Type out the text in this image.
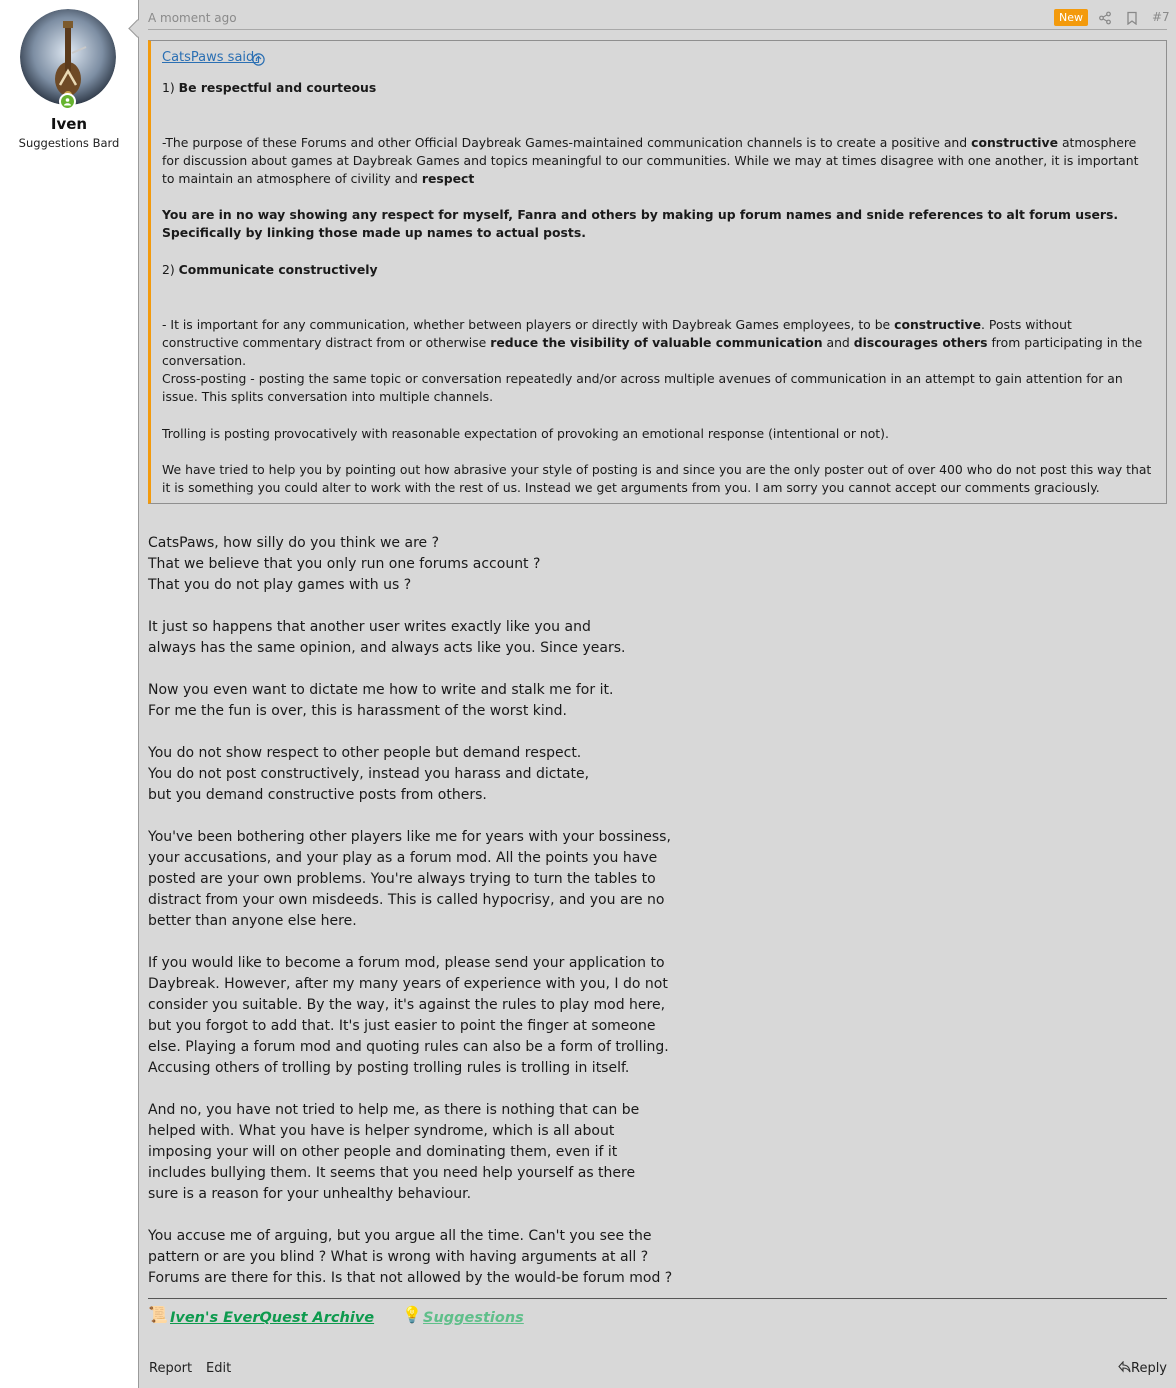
Iven
Suggestions Bard
A moment ago	New	#7
CatsPaws said:
1) Be respectful and courteous
-The purpose of these Forums and other Official Daybreak Games-maintained communication channels is to create a positive and constructive atmosphere for discussion about games at Daybreak Games and topics meaningful to our communities. While we may at times disagree with one another, it is important to maintain an atmosphere of civility and respect
You are in no way showing any respect for myself, Fanra and others by making up forum names and snide references to alt forum users. Specifically by linking those made up names to actual posts.
2) Communicate constructively
- It is important for any communication, whether between players or directly with Daybreak Games employees, to be constructive. Posts without constructive commentary distract from or otherwise reduce the visibility of valuable communication and discourages others from participating in the conversation.
Cross-posting - posting the same topic or conversation repeatedly and/or across multiple avenues of communication in an attempt to gain attention for an issue. This splits conversation into multiple channels.
Trolling is posting provocatively with reasonable expectation of provoking an emotional response (intentional or not).
We have tried to help you by pointing out how abrasive your style of posting is and since you are the only poster out of over 400 who do not post this way that it is something you could alter to work with the rest of us. Instead we get arguments from you. I am sorry you cannot accept our comments graciously.

CatsPaws, how silly do you think we are ?
That we believe that you only run one forums account ?
That you do not play games with us ?

It just so happens that another user writes exactly like you and
always has the same opinion, and always acts like you. Since years.

Now you even want to dictate me how to write and stalk me for it.
For me the fun is over, this is harassment of the worst kind.

You do not show respect to other people but demand respect.
You do not post constructively, instead you harass and dictate,
but you demand constructive posts from others.

You've been bothering other players like me for years with your bossiness,
your accusations, and your play as a forum mod. All the points you have
posted are your own problems. You're always trying to turn the tables to
distract from your own misdeeds. This is called hypocrisy, and you are no
better than anyone else here.

If you would like to become a forum mod, please send your application to
Daybreak. However, after my many years of experience with you, I do not
consider you suitable. By the way, it's against the rules to play mod here,
but you forgot to add that. It's just easier to point the finger at someone
else. Playing a forum mod and quoting rules can also be a form of trolling.
Accusing others of trolling by posting trolling rules is trolling in itself.

And no, you have not tried to help me, as there is nothing that can be
helped with. What you have is helper syndrome, which is all about
imposing your will on other people and dominating them, even if it
includes bullying them. It seems that you need help yourself as there
sure is a reason for your unhealthy behaviour.

You accuse me of arguing, but you argue all the time. Can't you see the
pattern or are you blind ? What is wrong with having arguments at all ?
Forums are there for this. Is that not allowed by the would-be forum mod ?

📜 Iven's EverQuest Archive 💡 Suggestions
Report Edit	Reply
